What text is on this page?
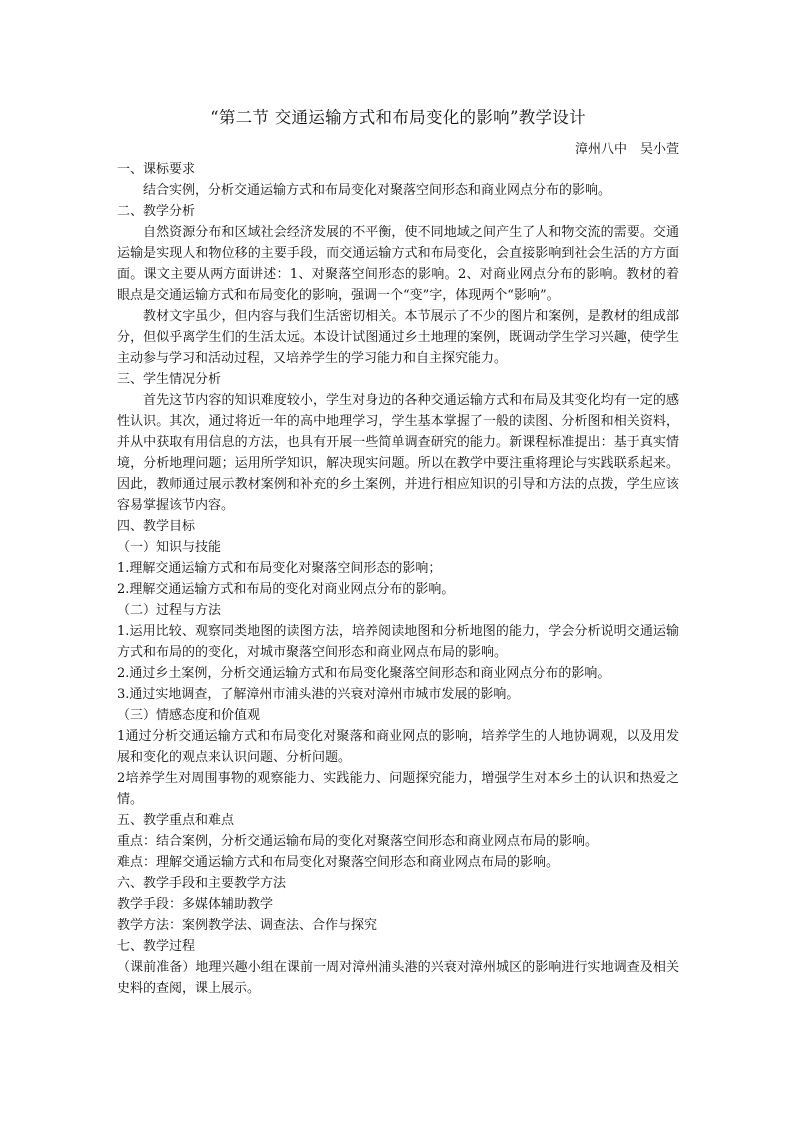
“第二节 交通运输方式和布局变化的影响”教学设计
漳州八中　吴小萱
一、课标要求
结合实例，分析交通运输方式和布局变化对聚落空间形态和商业网点分布的影响。
二、教学分析
自然资源分布和区域社会经济发展的不平衡，使不同地域之间产生了人和物交流的需要。交通运输是实现人和物位移的主要手段，而交通运输方式和布局变化，会直接影响到社会生活的方方面面。课文主要从两方面讲述：1、对聚落空间形态的影响。2、对商业网点分布的影响。教材的着眼点是交通运输方式和布局变化的影响，强调一个“变”字，体现两个“影响”。
教材文字虽少，但内容与我们生活密切相关。本节展示了不少的图片和案例，是教材的组成部分，但似乎离学生们的生活太远。本设计试图通过乡土地理的案例，既调动学生学习兴趣，使学生主动参与学习和活动过程，又培养学生的学习能力和自主探究能力。
三、学生情况分析
首先这节内容的知识难度较小，学生对身边的各种交通运输方式和布局及其变化均有一定的感性认识。其次，通过将近一年的高中地理学习，学生基本掌握了一般的读图、分析图和相关资料，并从中获取有用信息的方法，也具有开展一些简单调查研究的能力。新课程标准提出：基于真实情境，分析地理问题；运用所学知识，解决现实问题。所以在教学中要注重将理论与实践联系起来。因此，教师通过展示教材案例和补充的乡土案例，并进行相应知识的引导和方法的点拨，学生应该容易掌握该节内容。
四、教学目标
（一）知识与技能
1.理解交通运输方式和布局变化对聚落空间形态的影响；
2.理解交通运输方式和布局的变化对商业网点分布的影响。
（二）过程与方法
1.运用比较、观察同类地图的读图方法，培养阅读地图和分析地图的能力，学会分析说明交通运输方式和布局的的变化，对城市聚落空间形态和商业网点布局的影响。
2.通过乡土案例，分析交通运输方式和布局变化聚落空间形态和商业网点分布的影响。
3.通过实地调查，了解漳州市浦头港的兴衰对漳州市城市发展的影响。
（三）情感态度和价值观
1通过分析交通运输方式和布局变化对聚落和商业网点的影响，培养学生的人地协调观，以及用发展和变化的观点来认识问题、分析问题。
2培养学生对周围事物的观察能力、实践能力、问题探究能力，增强学生对本乡土的认识和热爱之情。
五、教学重点和难点
重点：结合案例，分析交通运输布局的变化对聚落空间形态和商业网点布局的影响。
难点：理解交通运输方式和布局变化对聚落空间形态和商业网点布局的影响。
六、教学手段和主要教学方法
教学手段：多媒体辅助教学
教学方法：案例教学法、调查法、合作与探究
七、教学过程
（课前准备）地理兴趣小组在课前一周对漳州浦头港的兴衰对漳州城区的影响进行实地调查及相关史料的查阅，课上展示。
